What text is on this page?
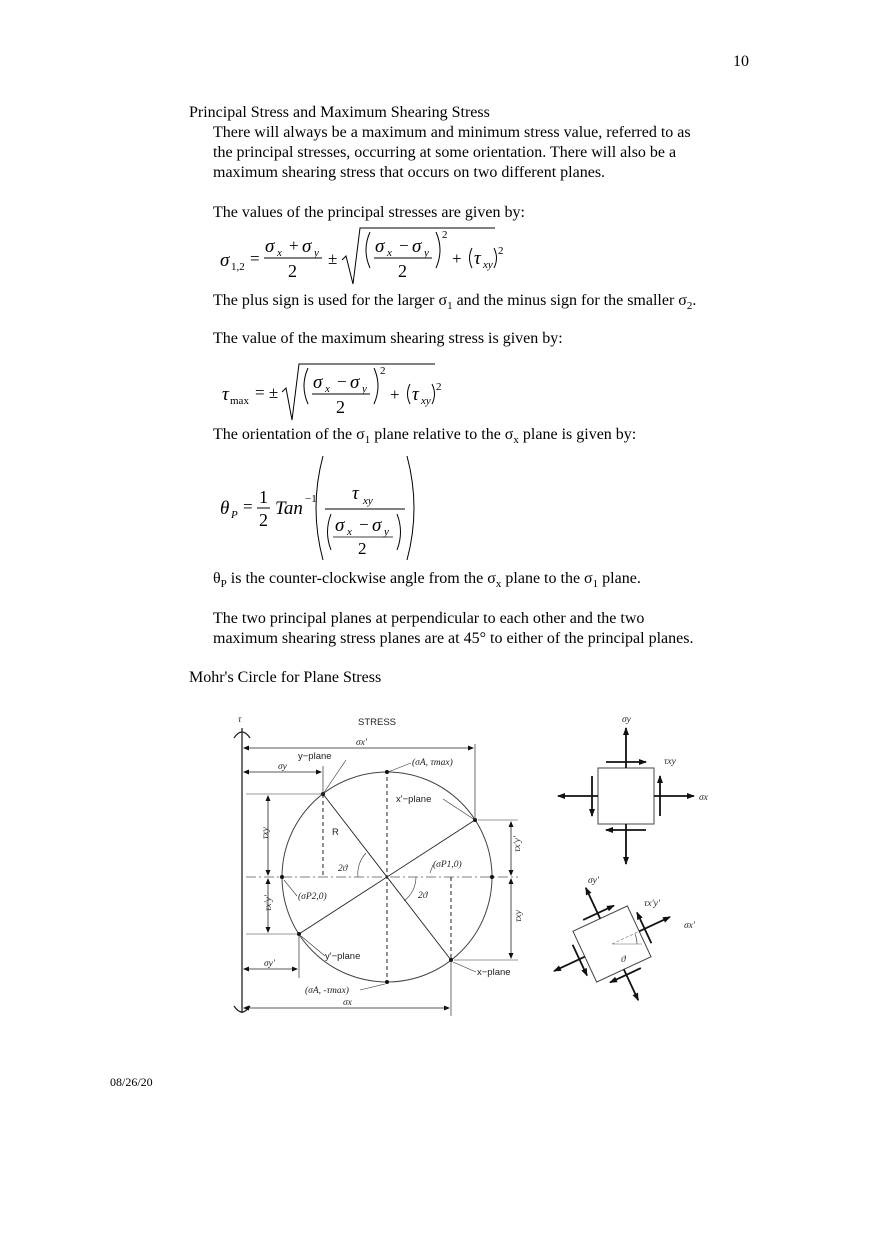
10
Principal Stress and Maximum Shearing Stress
There will always be a maximum and minimum stress value, referred to as
the principal stresses, occurring at some orientation. There will also be a
maximum shearing stress that occurs on two different planes.
The values of the principal stresses are given by:
σ 1,2 =
σ x + σ y
2
±
σ x − σ y
2
2
+ τ xy
2
The plus sign is used for the larger $\sigma_1$ and the minus sign for the smaller $\sigma_2$.
The value of the maximum shearing stress is given by:
τ max = ± σ x − σ y
2
2
+ τ xy
2
The orientation of the $\sigma_1$ plane relative to the $\sigma_x$ plane is given by:
θ P = 1
2
Tan −1 τ xy
σ x − σ y
2
$\theta_P$ is the counter-clockwise angle from the $\sigma_x$ plane to the $\sigma_1$ plane.
The two principal planes at perpendicular to each other and the two
maximum shearing stress planes are at 45° to either of the principal planes.
Mohr's Circle for Plane Stress
STRESS
τ
σx'
σy
σy'
σx
τxy
τx'y'
τx'y'
τxy
y−plane
(σA, τmax)
x'−plane
R
2ϑ	(σP1,0)
2ϑ
(σP2,0)
y'−plane
x−plane
(σA, -τmax)
σy
τxy
σx
ϑ
σy'
τx'y'
σx'
08/26/20
